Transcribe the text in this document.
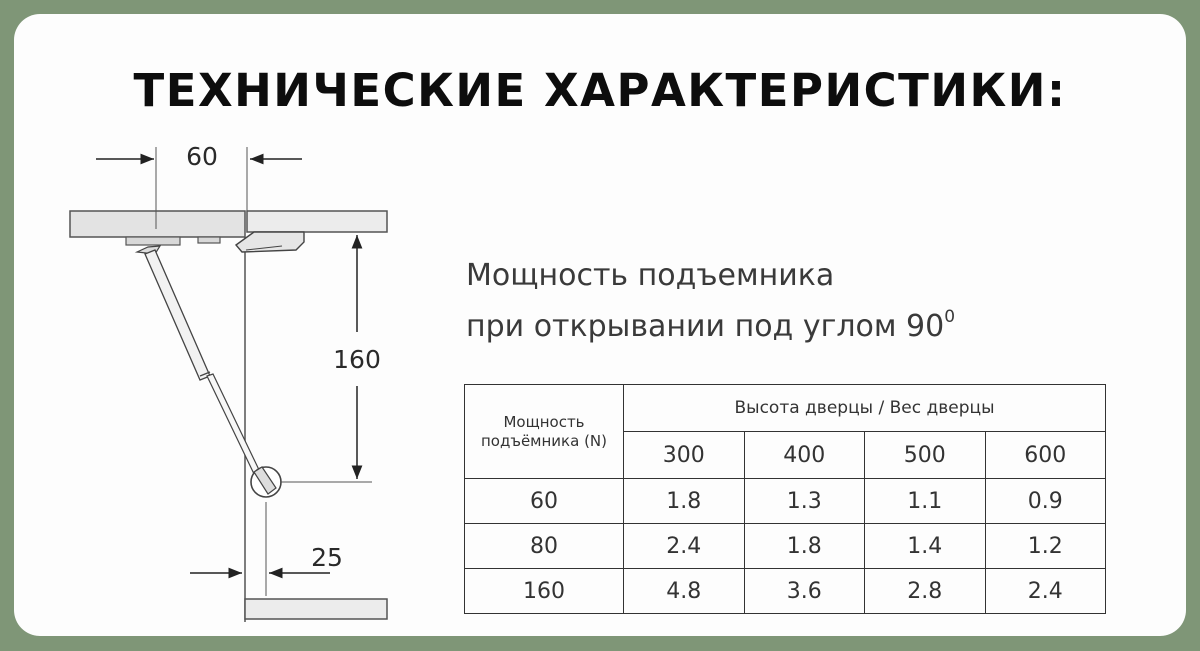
ТЕХНИЧЕСКИЕ ХАРАКТЕРИСТИКИ:
60
160
25
Мощность подъемника
при открывании под углом $90^0$
Мощность подъёмника (N)	Высота дверцы / Вес дверцы			
	300	400	500	600
60	1.8	1.3	1.1	0.9
80	2.4	1.8	1.4	1.2
160	4.8	3.6	2.8	2.4
